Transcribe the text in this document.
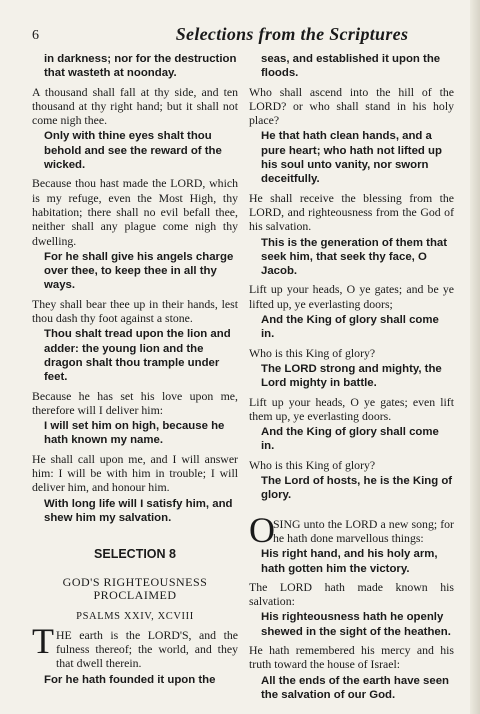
6	Selections from the Scriptures

in darkness; nor for the destruction that wasteth at noonday.

A thousand shall fall at thy side, and ten thousand at thy right hand; but it shall not come nigh thee.

Only with thine eyes shalt thou behold and see the reward of the wicked.

Because thou hast made the LORD, which is my refuge, even the Most High, thy habitation; there shall no evil befall thee, neither shall any plague come nigh thy dwelling.

For he shall give his angels charge over thee, to keep thee in all thy ways.

They shall bear thee up in their hands, lest thou dash thy foot against a stone.

Thou shalt tread upon the lion and adder: the young lion and the dragon shalt thou trample under feet.

Because he has set his love upon me, therefore will I deliver him:

I will set him on high, because he hath known my name.

He shall call upon me, and I will answer him: I will be with him in trouble; I will deliver him, and honour him.

With long life will I satisfy him, and shew him my salvation.

SELECTION 8
GOD'S RIGHTEOUSNESS
PROCLAIMED
PSALMS XXIV, XCVIII
T HE earth is the LORD'S, and the fulness thereof; the world, and they that dwell therein.

For he hath founded it upon the

seas, and established it upon the floods.

Who shall ascend into the hill of the LORD? or who shall stand in his holy place?

He that hath clean hands, and a pure heart; who hath not lifted up his soul unto vanity, nor sworn deceitfully.

He shall receive the blessing from the LORD, and righteousness from the God of his salvation.

This is the generation of them that seek him, that seek thy face, O Jacob.

Lift up your heads, O ye gates; and be ye lifted up, ye everlasting doors;

And the King of glory shall come in.

Who is this King of glory?

The LORD strong and mighty, the Lord mighty in battle.

Lift up your heads, O ye gates; even lift them up, ye everlasting doors.

And the King of glory shall come in.

Who is this King of glory?

The Lord of hosts, he is the King of glory.

O
SING unto the LORD a new song; for he hath done marvellous things:

His right hand, and his holy arm, hath gotten him the victory.

The LORD hath made known his salvation:

His righteousness hath he openly shewed in the sight of the heathen.

He hath remembered his mercy and his truth toward the house of Israel:

All the ends of the earth have seen the salvation of our God.
